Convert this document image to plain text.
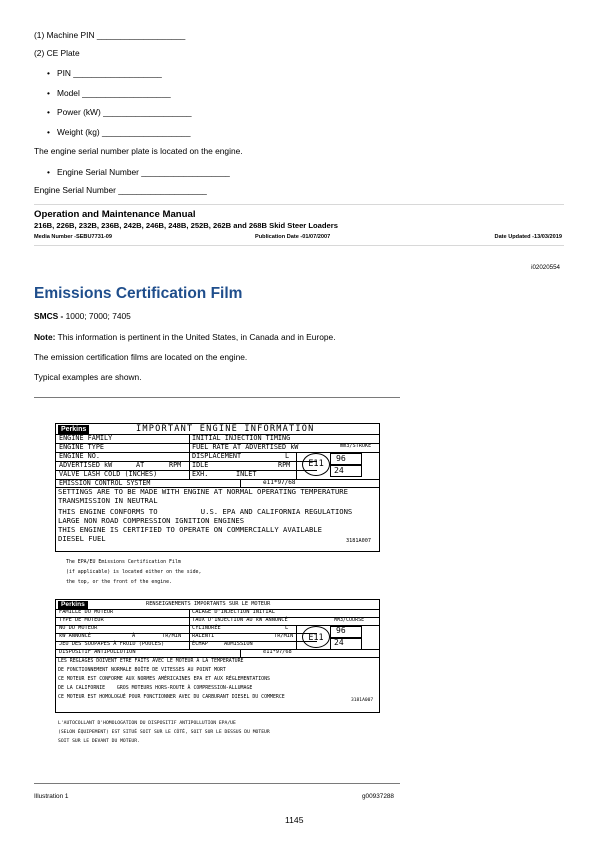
(1) Machine PIN ___________________
(2) CE Plate
• PIN ___________________
• Model ___________________
• Power (kW) ___________________
• Weight (kg) ___________________
The engine serial number plate is located on the engine.
• Engine Serial Number ___________________
Engine Serial Number ___________________
Operation and Maintenance Manual
216B, 226B, 232B, 236B, 242B, 246B, 248B, 252B, 262B and 268B Skid Steer Loaders
Media Number -SEBU7731-09	Publication Date -01/07/2007	Date Updated -13/03/2019
i02020554
Emissions Certification Film
SMCS - 1000; 7000; 7405
Note: This information is pertinent in the United States, in Canada and in Europe.
The emission certification films are located on the engine.
Typical examples are shown.
Perkins	IMPORTANT ENGINE INFORMATION
ENGINE FAMILY	INITIAL INJECTION TIMING
ENGINE TYPE	FUEL RATE AT ADVERTISED kW	mm3/STROKE
ENGINE NO.	DISPLACEMENT	L
ADVERTISED kW	AT	RPM IDLE	RPM
VALVE LASH COLD (INCHES)	EXH.	INLET
EMISSION CONTROL SYSTEM	e11*97/68
E11
96
24
SETTINGS ARE TO BE MADE WITH ENGINE AT NORMAL OPERATING TEMPERATURE
TRANSMISSION IN NEUTRAL
THIS ENGINE CONFORMS TO          U.S. EPA AND CALIFORNIA REGULATIONS
LARGE NON ROAD COMPRESSION IGNITION ENGINES
THIS ENGINE IS CERTIFIED TO OPERATE ON COMMERCIALLY AVAILABLE
DIESEL FUEL	3181A007
The EPA/EU Emissions Certification Film
(if applicable) is located either on the side,
the top, or the front of the engine.
Perkins	RENSEIGNEMENTS IMPORTANTS SUR LE MOTEUR
FAMILLE DU MOTEUR	CALAGE D'INJECTION INITIAL
TYPE DE MOTEUR	TAUX D'INJECTION AU kW ANNONCÉ	MM3/COURSE
NO DU MOTEUR	CYLINDRÉE	L
kW ANNONCÉ	À	TR/MIN RALENTI	TR/MIN
JEU DES SOUPAPES À FROID (POUCES)	ÉCHAP	ADMISSION
DISPOSITIF ANTIPOLLUTION	e11*97/68
E11
96
24
LES RÉGLAGES DOIVENT ÊTRE FAITS AVEC LE MOTEUR À LA TEMPÉRATURE
DE FONCTIONNEMENT NORMALE BOÎTE DE VITESSES AU POINT MORT
CE MOTEUR EST CONFORME AUX NORMES AMÉRICAINES EPA ET AUX RÉGLEMENTATIONS
DE LA CALIFORNIE    GROS MOTEURS HORS-ROUTE À COMPRESSION-ALLUMAGE
CE MOTEUR EST HOMOLOGUÉ POUR FONCTIONNER AVEC DU CARBURANT DIESEL DU COMMERCE
3181A007
L'AUTOCOLLANT D'HOMOLOGATION DU DISPOSITIF ANTIPOLLUTION EPA/UE
(SELON ÉQUIPEMENT) EST SITUÉ SOIT SUR LE CÔTÉ, SOIT SUR LE DESSUS DU MOTEUR
SOIT SUR LE DEVANT DU MOTEUR.
Illustration 1	g00937288
1145
